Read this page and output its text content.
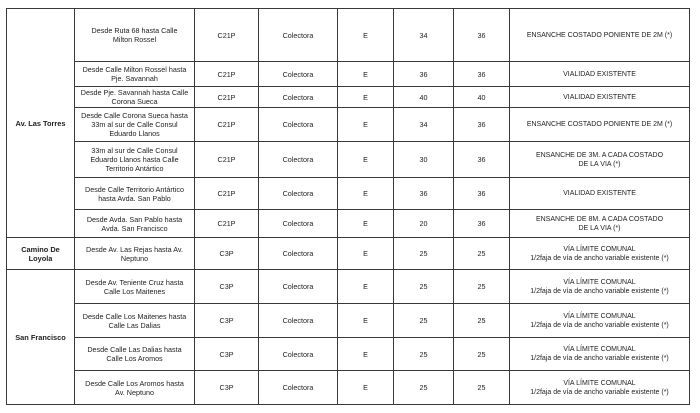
Av. Las Torres	Desde Ruta 68 hasta Calle
Milton Rossel	C21P	Colectora	E	34	36	ENSANCHE COSTADO PONIENTE DE 2M (*)

	Desde Calle Milton Rossel hasta
Pje. Savannah	C21P	Colectora	E	36	36	VIALIDAD EXISTENTE

	Desde Pje. Savannah hasta Calle
Corona Sueca	C21P	Colectora	E	40	40	VIALIDAD EXISTENTE

	Desde Calle Corona Sueca hasta
33m al sur de Calle Consul
Eduardo Llanos	C21P	Colectora	E	34	36	ENSANCHE COSTADO PONIENTE DE 2M (*)

	33m al sur de Calle Consul
Eduardo Llanos hasta Calle
Territorio Antártico	C21P	Colectora	E	30	36	ENSANCHE DE 3M. A CADA COSTADO
DE LA VIA (*)

	Desde Calle Territorio Antártico
hasta Avda. San Pablo	C21P	Colectora	E	36	36	VIALIDAD EXISTENTE

	Desde Avda. San Pablo hasta
Avda. San Francisco	C21P	Colectora	E	20	36	ENSANCHE DE 8M. A CADA COSTADO
DE LA VIA (*)

Camino De Loyola	Desde Av. Las Rejas hasta Av.
Neptuno	C3P	Colectora	E	25	25	VÍA LÍMITE COMUNAL
1/2faja de vía de ancho variable existente (*)

San Francisco	Desde Av. Teniente Cruz hasta
Calle Los Maitenes	C3P	Colectora	E	25	25	VÍA LÍMITE COMUNAL
1/2faja de vía de ancho variable existente (*)

	Desde Calle Los Maitenes hasta
Calle Las Dalias	C3P	Colectora	E	25	25	VÍA LÍMITE COMUNAL
1/2faja de vía de ancho variable existente (*)

	Desde Calle Las Dalias hasta
Calle Los Aromos	C3P	Colectora	E	25	25	VÍA LÍMITE COMUNAL
1/2faja de vía de ancho variable existente (*)

	Desde Calle Los Aromos hasta
Av. Neptuno	C3P	Colectora	E	25	25	VÍA LÍMITE COMUNAL
1/2faja de vía de ancho variable existente (*)
